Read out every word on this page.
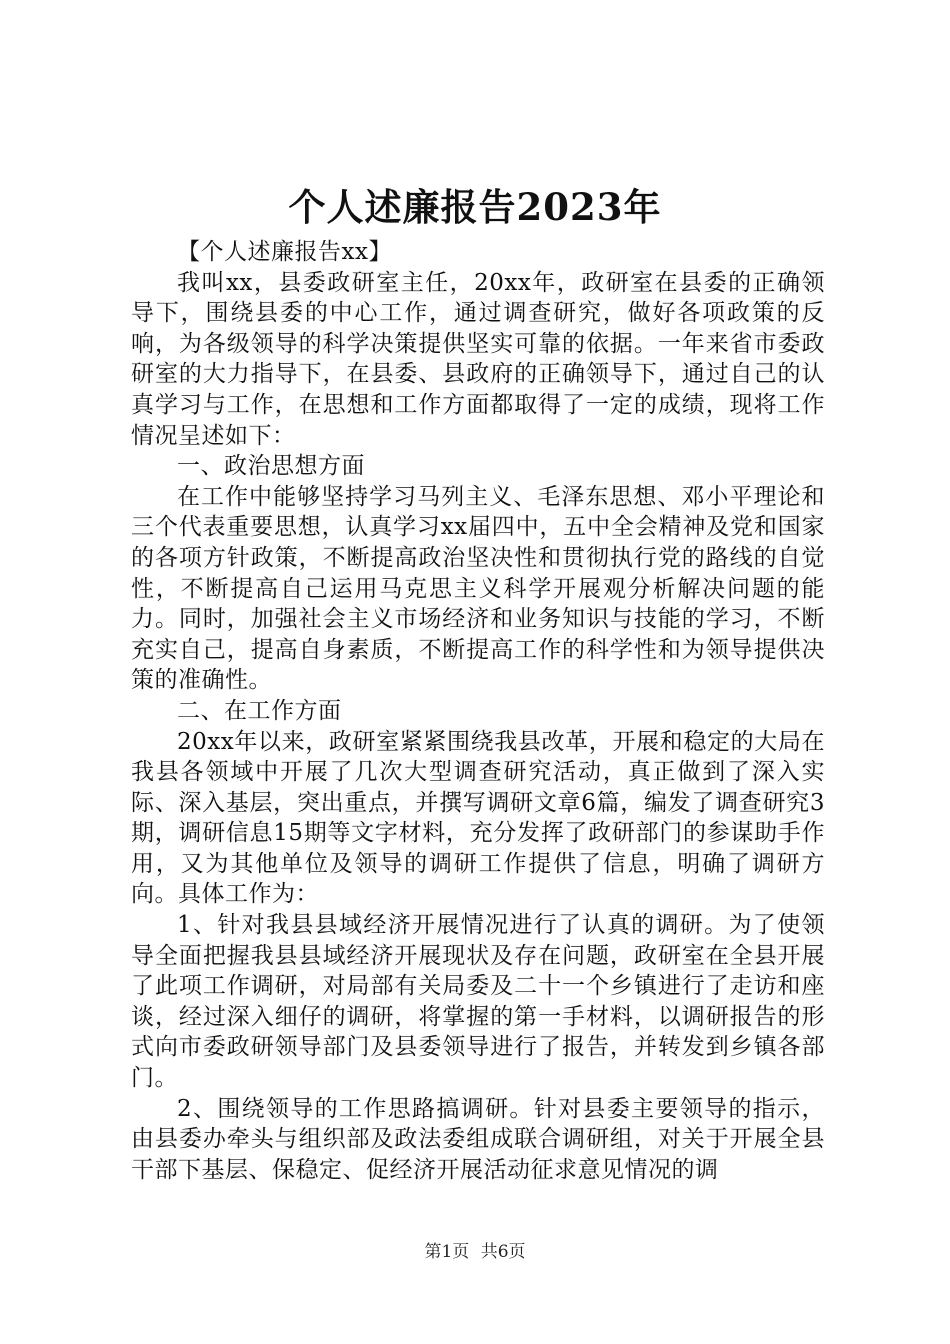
个人述廉报告2023年

【个人述廉报告xx】

我叫xx，县委政研室主任，20xx年，政研室在县委的正确领导下，围绕县委的中心工作，通过调查研究，做好各项政策的反响，为各级领导的科学决策提供坚实可靠的依据。一年来省市委政研室的大力指导下，在县委、县政府的正确领导下，通过自己的认真学习与工作，在思想和工作方面都取得了一定的成绩，现将工作情况呈述如下：

一、政治思想方面

在工作中能够坚持学习马列主义、毛泽东思想、邓小平理论和三个代表重要思想，认真学习xx届四中，五中全会精神及党和国家的各项方针政策，不断提高政治坚决性和贯彻执行党的路线的自觉性，不断提高自己运用马克思主义科学开展观分析解决问题的能力。同时，加强社会主义市场经济和业务知识与技能的学习，不断充实自己，提高自身素质，不断提高工作的科学性和为领导提供决策的准确性。

二、在工作方面

20xx年以来，政研室紧紧围绕我县改革，开展和稳定的大局在我县各领域中开展了几次大型调查研究活动，真正做到了深入实际、深入基层，突出重点，并撰写调研文章6篇，编发了调查研究3期，调研信息15期等文字材料，充分发挥了政研部门的参谋助手作用，又为其他单位及领导的调研工作提供了信息，明确了调研方向。具体工作为：

1、针对我县县域经济开展情况进行了认真的调研。为了使领导全面把握我县县域经济开展现状及存在问题，政研室在全县开展了此项工作调研，对局部有关局委及二十一个乡镇进行了走访和座谈，经过深入细仔的调研，将掌握的第一手材料，以调研报告的形式向市委政研领导部门及县委领导进行了报告，并转发到乡镇各部门。

2、围绕领导的工作思路搞调研。针对县委主要领导的指示，由县委办牵头与组织部及政法委组成联合调研组，对关于开展全县干部下基层、保稳定、促经济开展活动征求意见情况的调

第1页 共6页
